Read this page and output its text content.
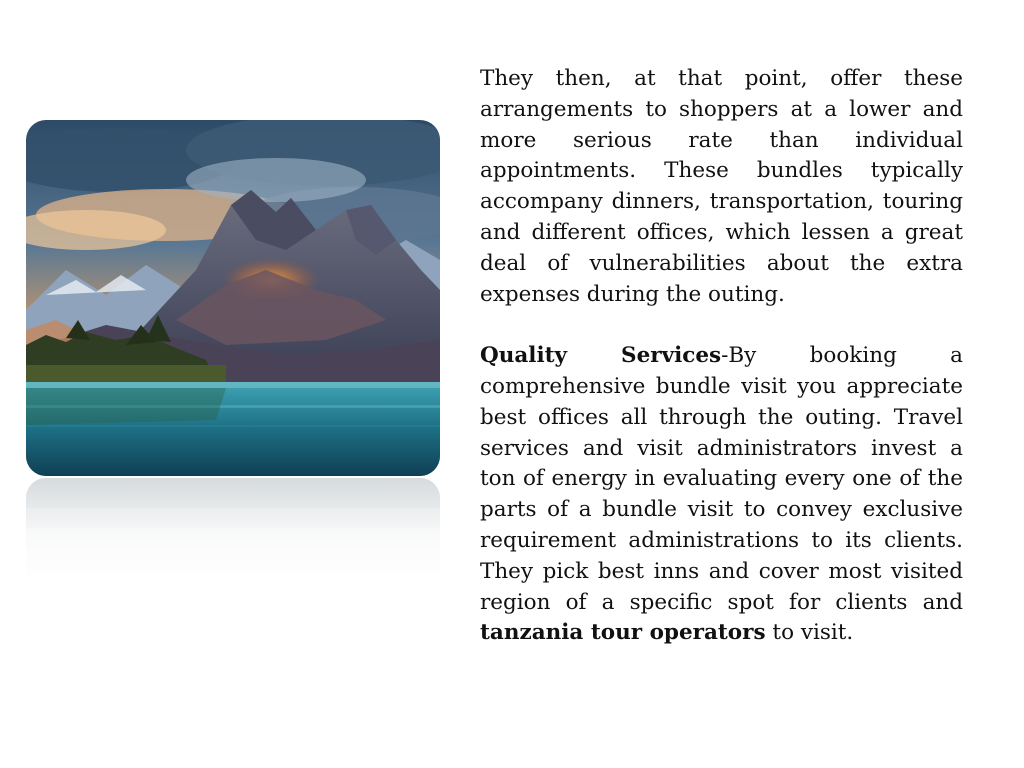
They then, at that point, offer these arrangements to shoppers at a lower and more serious rate than individual appointments. These bundles typically accompany dinners, transportation, touring and different offices, which lessen a great deal of vulnerabilities about the extra expenses during the outing.

Quality Services-By booking a comprehensive bundle visit you appreciate best offices all through the outing. Travel services and visit administrators invest a ton of energy in evaluating every one of the parts of a bundle visit to convey exclusive requirement administrations to its clients. They pick best inns and cover most visited region of a specific spot for clients and tanzania tour operators to visit.
